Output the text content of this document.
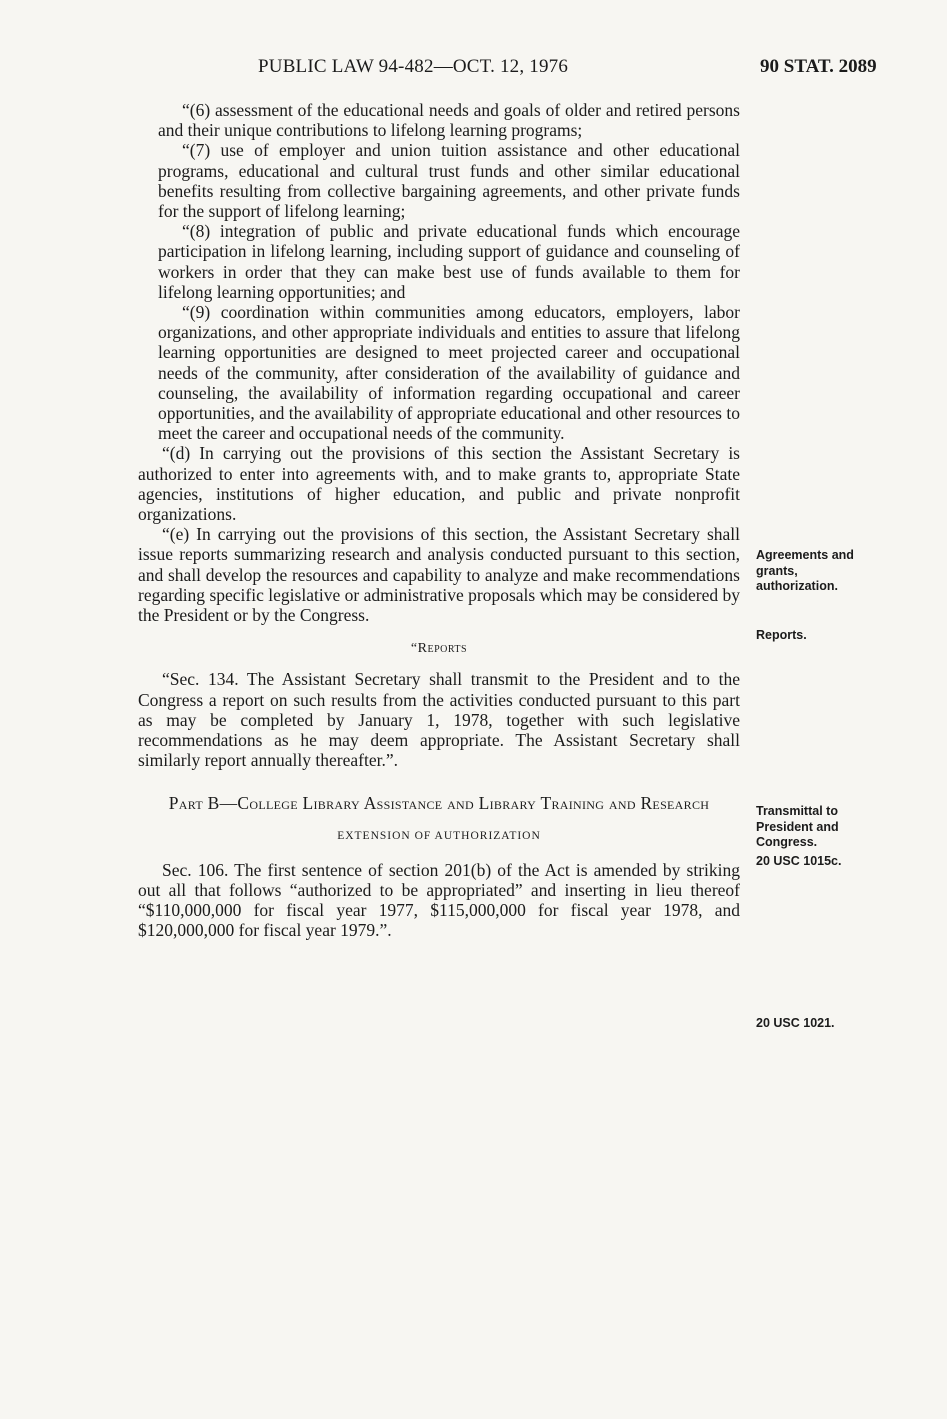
PUBLIC LAW 94-482—OCT. 12, 1976	90 STAT. 2089

“(6) assessment of the educational needs and goals of older and retired persons and their unique contributions to lifelong learning programs;

“(7) use of employer and union tuition assistance and other educational programs, educational and cultural trust funds and other similar educational benefits resulting from collective bargaining agreements, and other private funds for the support of lifelong learning;

“(8) integration of public and private educational funds which encourage participation in lifelong learning, including support of guidance and counseling of workers in order that they can make best use of funds available to them for lifelong learning opportunities; and

“(9) coordination within communities among educators, employers, labor organizations, and other appropriate individuals and entities to assure that lifelong learning opportunities are designed to meet projected career and occupational needs of the community, after consideration of the availability of guidance and counseling, the availability of information regarding occupational and career opportunities, and the availability of appropriate educational and other resources to meet the career and occupational needs of the community.

“(d) In carrying out the provisions of this section the Assistant Secretary is authorized to enter into agreements with, and to make grants to, appropriate State agencies, institutions of higher education, and public and private nonprofit organizations.

“(e) In carrying out the provisions of this section, the Assistant Secretary shall issue reports summarizing research and analysis conducted pursuant to this section, and shall develop the resources and capability to analyze and make recommendations regarding specific legislative or administrative proposals which may be considered by the President or by the Congress.

“Reports

“Sec. 134. The Assistant Secretary shall transmit to the President and to the Congress a report on such results from the activities conducted pursuant to this part as may be completed by January 1, 1978, together with such legislative recommendations as he may deem appropriate. The Assistant Secretary shall similarly report annually thereafter.”.

Part B—College Library Assistance and Library Training and Research

EXTENSION OF AUTHORIZATION

Sec. 106. The first sentence of section 201(b) of the Act is amended by striking out all that follows “authorized to be appropriated” and inserting in lieu thereof “$110,000,000 for fiscal year 1977, $115,000,000 for fiscal year 1978, and $120,000,000 for fiscal year 1979.”.

Agreements and grants, authorization.
Reports.
Transmittal to President and Congress.
20 USC 1015c.
20 USC 1021.
